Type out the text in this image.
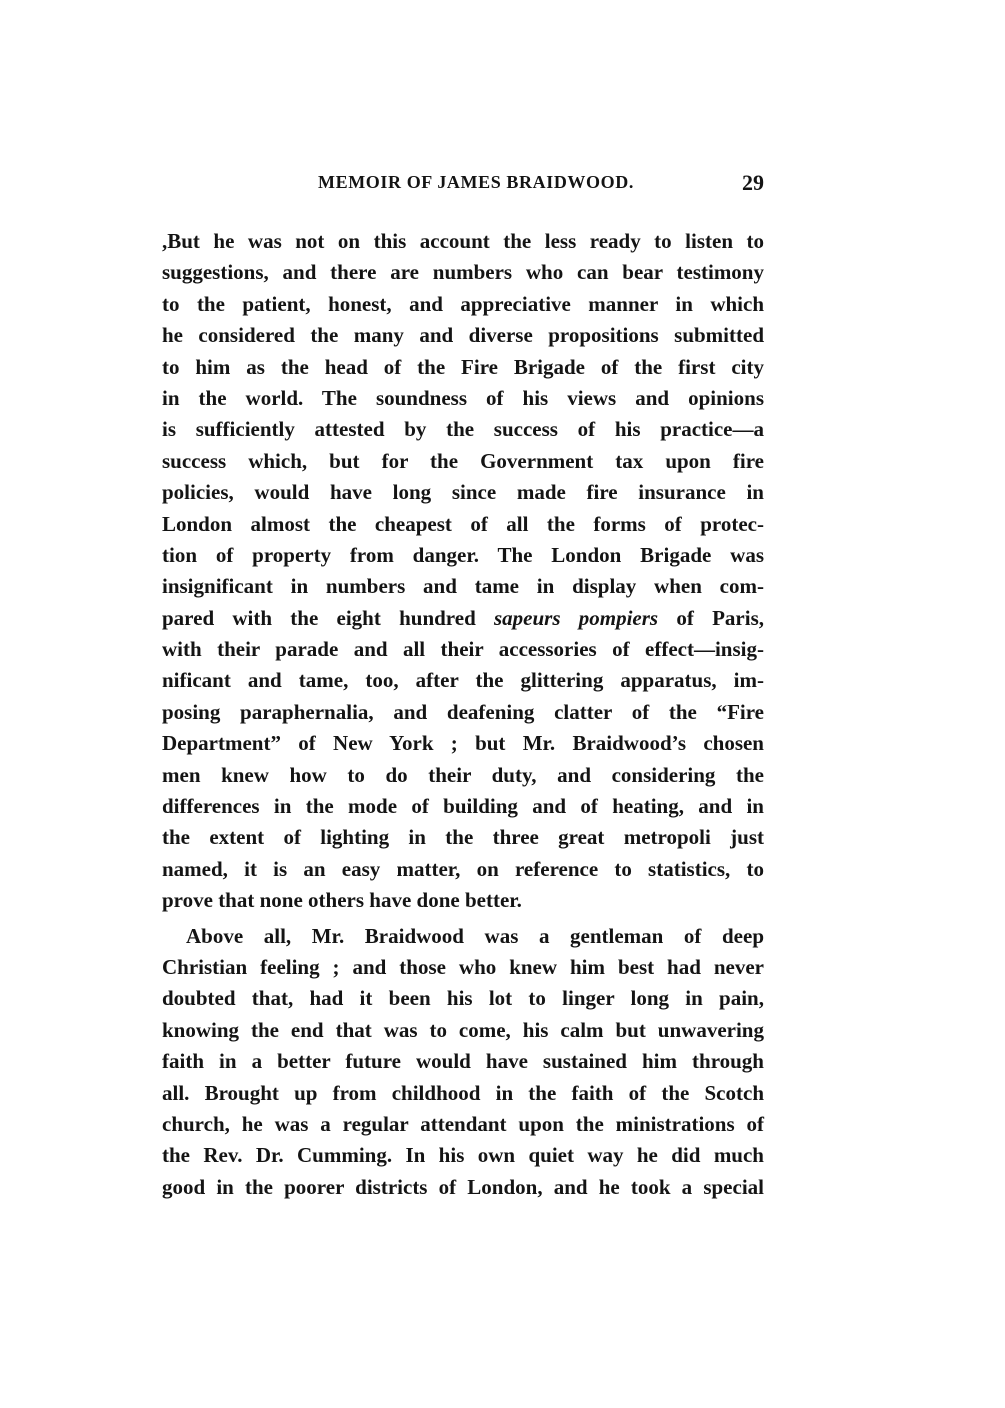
MEMOIR OF JAMES BRAIDWOOD.	29
,But he was not on this account the less ready to listen to
suggestions, and there are numbers who can bear testimony
to the patient, honest, and appreciative manner in which
he considered the many and diverse propositions submitted
to him as the head of the Fire Brigade of the first city
in the world. The soundness of his views and opinions
is sufficiently attested by the success of his practice—a
success which, but for the Government tax upon fire
policies, would have long since made fire insurance in
London almost the cheapest of all the forms of protec-
tion of property from danger. The London Brigade was
insignificant in numbers and tame in display when com-
pared with the eight hundred sapeurs pompiers of Paris,
with their parade and all their accessories of effect—insig-
nificant and tame, too, after the glittering apparatus, im-
posing paraphernalia, and deafening clatter of the “Fire
Department” of New York ; but Mr. Braidwood’s chosen
men knew how to do their duty, and considering the
differences in the mode of building and of heating, and in
the extent of lighting in the three great metropoli just
named, it is an easy matter, on reference to statistics, to
prove that none others have done better.
Above all, Mr. Braidwood was a gentleman of deep
Christian feeling ; and those who knew him best had never
doubted that, had it been his lot to linger long in pain,
knowing the end that was to come, his calm but unwavering
faith in a better future would have sustained him through
all. Brought up from childhood in the faith of the Scotch
church, he was a regular attendant upon the ministrations of
the Rev. Dr. Cumming. In his own quiet way he did much
good in the poorer districts of London, and he took a special
